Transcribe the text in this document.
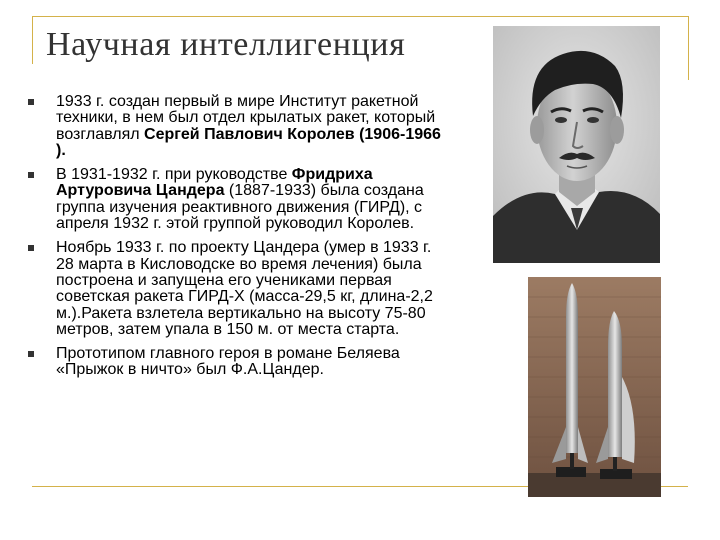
Научная интеллигенция
1933 г. создан первый в мире Институт ракетной техники, в нем был отдел крылатых ракет, который возглавлял Сергей Павлович Королев (1906-1966 ).
В 1931-1932 г. при руководстве Фридриха Артуровича Цандера (1887-1933) была создана группа изучения реактивного движения (ГИРД), с апреля 1932 г. этой группой руководил Королев.
Ноябрь 1933 г. по проекту Цандера (умер в 1933 г. 28 марта в Кисловодске во время лечения) была построена и запущена его учениками первая советская ракета ГИРД-Х (масса-29,5 кг, длина-2,2 м.).Ракета взлетела вертикально на высоту 75-80 метров, затем упала в 150 м. от места старта.
Прототипом главного героя в романе Беляева «Прыжок в ничто» был Ф.А.Цандер.
